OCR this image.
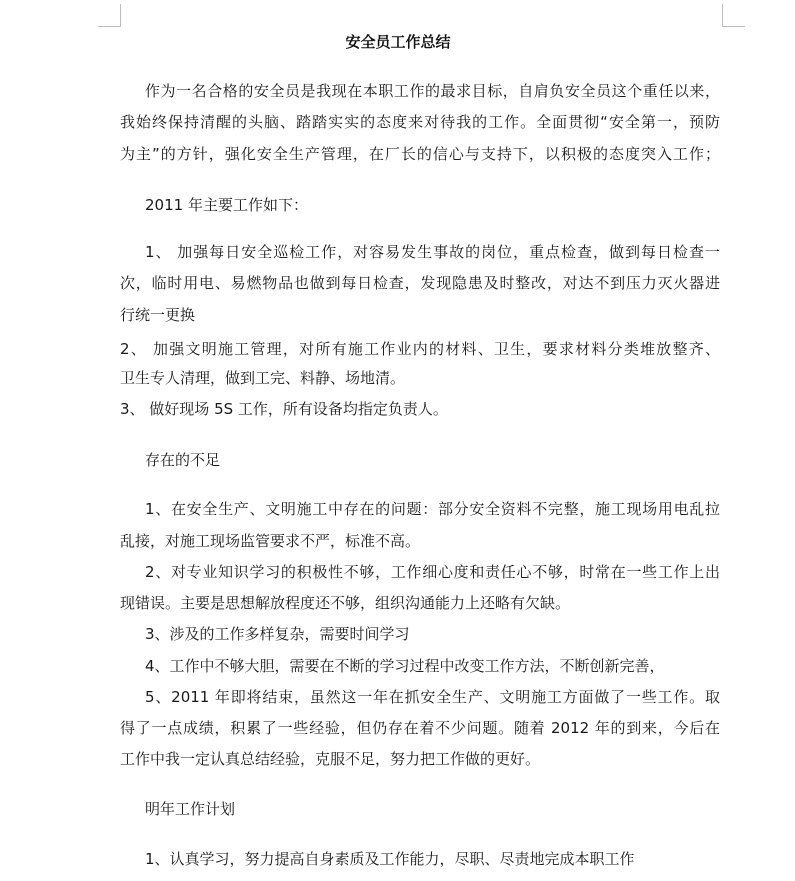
安全员工作总结
作为一名合格的安全员是我现在本职工作的最求目标，自肩负安全员这个重任以来，
我始终保持清醒的头脑、踏踏实实的态度来对待我的工作。全面贯彻“安全第一，预防
为主”的方针，强化安全生产管理，在厂长的信心与支持下，以积极的态度突入工作；
2011 年主要工作如下：
1、 加强每日安全巡检工作，对容易发生事故的岗位，重点检查，做到每日检查一
次，临时用电、易燃物品也做到每日检查，发现隐患及时整改，对达不到压力灭火器进
行统一更换
2、 加强文明施工管理，对所有施工作业内的材料、卫生，要求材料分类堆放整齐、
卫生专人清理，做到工完、料静、场地清。
3、 做好现场 5S 工作，所有设备均指定负责人。
存在的不足
1、在安全生产、文明施工中存在的问题：部分安全资料不完整，施工现场用电乱拉
乱接，对施工现场监管要求不严，标准不高。
2、对专业知识学习的积极性不够，工作细心度和责任心不够，时常在一些工作上出
现错误。主要是思想解放程度还不够，组织沟通能力上还略有欠缺。
3、涉及的工作多样复杂，需要时间学习
4、工作中不够大胆，需要在不断的学习过程中改变工作方法，不断创新完善，
5、2011 年即将结束，虽然这一年在抓安全生产、文明施工方面做了一些工作。取
得了一点成绩，积累了一些经验，但仍存在着不少问题。随着 2012 年的到来，今后在
工作中我一定认真总结经验，克服不足，努力把工作做的更好。
明年工作计划
1、认真学习，努力提高自身素质及工作能力，尽职、尽责地完成本职工作
